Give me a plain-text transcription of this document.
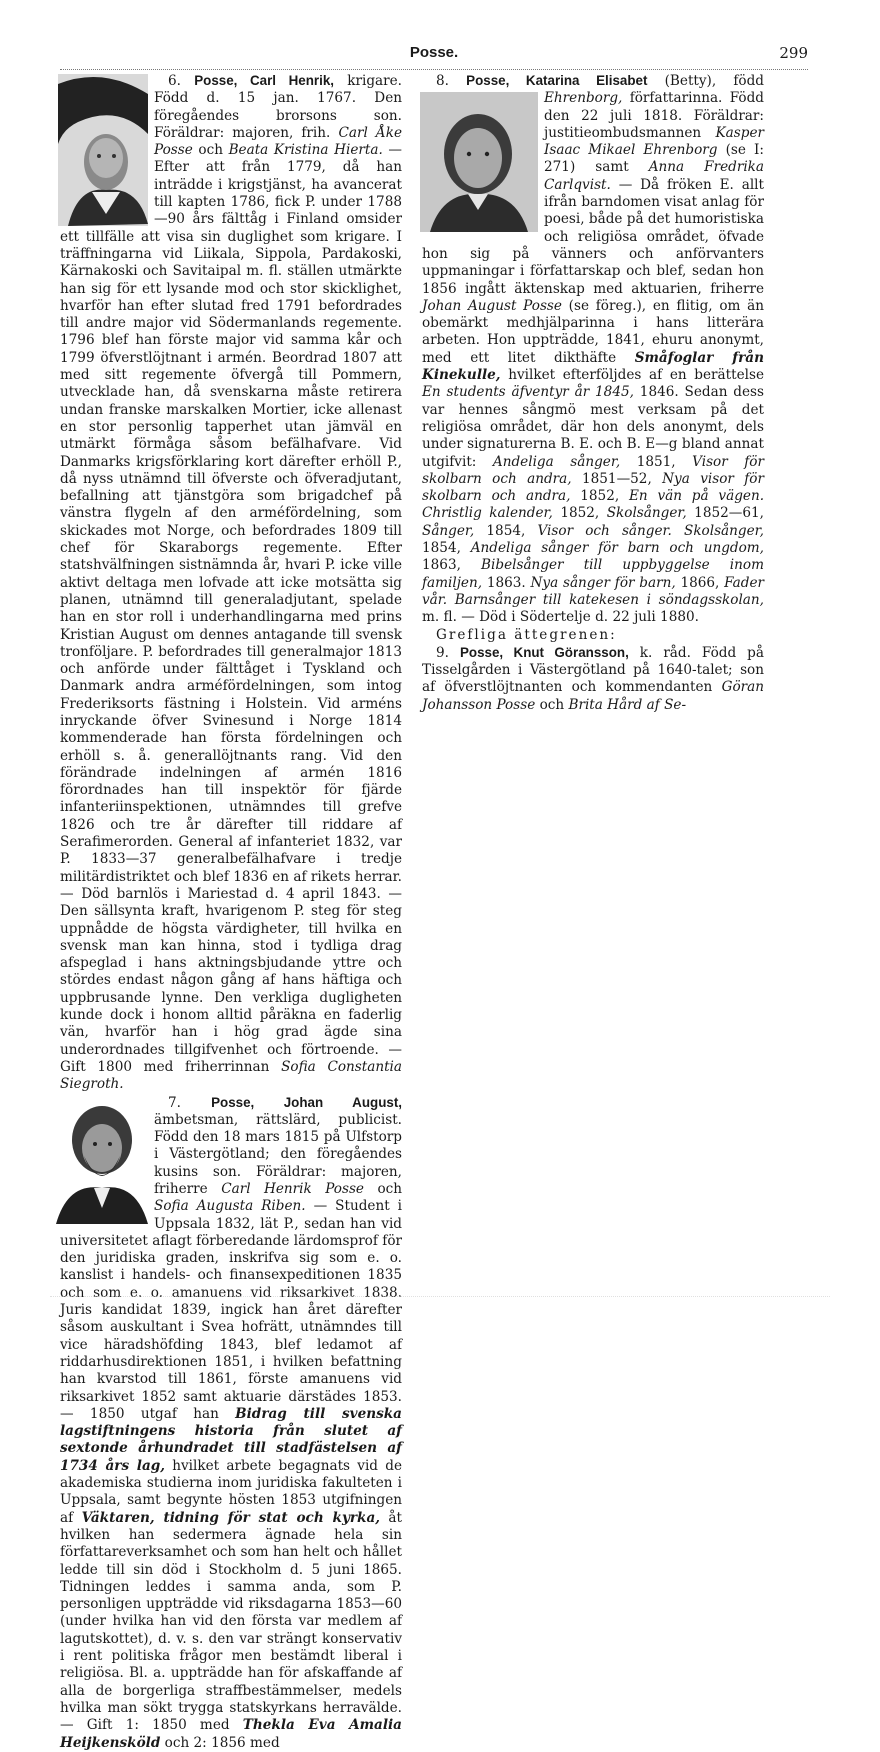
Posse.	299

6. Posse, Carl Henrik, krigare. Född d. 15 jan. 1767. Den föregåendes brorsons son. Föräldrar: majoren, frih. Carl Åke Posse och Beata Kristina Hierta. — Efter att från 1779, då han inträdde i krigstjänst, ha avancerat till kapten 1786, fick P. under 1788—90 års fälttåg i Finland omsider ett tillfälle att visa sin duglighet som krigare. I träffningarna vid Liikala, Sippola, Pardakoski, Kärnakoski och Savitaipal m. fl. ställen utmärkte han sig för ett lysande mod och stor skicklighet, hvarför han efter slutad fred 1791 befordrades till andre major vid Södermanlands regemente. 1796 blef han förste major vid samma kår och 1799 öfverstlöjtnant i armén. Beordrad 1807 att med sitt regemente öfvergå till Pommern, utvecklade han, då svenskarna måste retirera undan franske marskalken Mortier, icke allenast en stor personlig tapperhet utan jämväl en utmärkt förmåga såsom befälhafvare. Vid Danmarks krigsförklaring kort därefter erhöll P., då nyss utnämnd till öfverste och öfveradjutant, befallning att tjänstgöra som brigadchef på vänstra flygeln af den arméfördelning, som skickades mot Norge, och befordrades 1809 till chef för Skaraborgs regemente. Efter statshvälfningen sistnämnda år, hvari P. icke ville aktivt deltaga men lofvade att icke motsätta sig planen, utnämnd till generaladjutant, spelade han en stor roll i underhandlingarna med prins Kristian August om dennes antagande till svensk tronföljare. P. befordrades till generalmajor 1813 och anförde under fälttåget i Tyskland och Danmark andra arméfördelningen, som intog Frederiksorts fästning i Holstein. Vid arméns inryckande öfver Svinesund i Norge 1814 kommenderade han första fördelningen och erhöll s. å. generallöjtnants rang. Vid den förändrade indelningen af armén 1816 förordnades han till inspektör för fjärde infanteriinspektionen, utnämndes till grefve 1826 och tre år därefter till riddare af Serafimerorden. General af infanteriet 1832, var P. 1833—37 generalbefälhafvare i tredje militärdistriktet och blef 1836 en af rikets herrar. — Död barnlös i Mariestad d. 4 april 1843. — Den sällsynta kraft, hvarigenom P. steg för steg uppnådde de högsta värdigheter, till hvilka en svensk man kan hinna, stod i tydliga drag afspeglad i hans aktningsbjudande yttre och stördes endast någon gång af hans häftiga och uppbrusande lynne. Den verkliga dugligheten kunde dock i honom alltid påräkna en faderlig vän, hvarför han i hög grad ägde sina underordnades tillgifvenhet och förtroende. — Gift 1800 med friherrinnan Sofia Constantia Siegroth.

7. Posse, Johan August,
ämbetsman, rättslärd, publicist. Född den 18 mars 1815 på Ulfstorp i Västergötland; den föregåendes kusins son. Föräldrar: majoren, friherre Carl Henrik Posse och Sofia Augusta Riben. — Student i Uppsala 1832, lät P., sedan han vid universitetet aflagt förberedande lärdomsprof för den juridiska graden, inskrifva sig som e. o. kanslist i handels- och finansexpeditionen 1835 och som e. o. amanuens vid riksarkivet 1838. Juris kandidat 1839, ingick han året därefter såsom auskultant i Svea hofrätt, utnämndes till vice häradshöfding 1843, blef ledamot af riddarhusdirektionen 1851, i hvilken befattning han kvarstod till 1861, förste amanuens vid riksarkivet 1852 samt aktuarie därstädes 1853. — 1850 utgaf han Bidrag till svenska lagstiftningens historia från slutet af sextonde århundradet till stadfästelsen af 1734 års lag, hvilket arbete begagnats vid de akademiska studierna inom juridiska fakulteten i Uppsala, samt begynte hösten 1853 utgifningen af Väktaren, tidning för stat och kyrka, åt hvilken han sedermera ägnade hela sin författareverksamhet och som han helt och hållet ledde till sin död i Stockholm d. 5 juni 1865. Tidningen leddes i samma anda, som P. personligen uppträdde vid riksdagarna 1853—60 (under hvilka han vid den första var medlem af lagutskottet), d. v. s. den var strängt konservativ i rent politiska frågor men bestämdt liberal i religiösa. Bl. a. uppträdde han för afskaffande af alla de borgerliga straffbestämmelser, medels hvilka man sökt trygga statskyrkans herravälde. — Gift 1: 1850 med Thekla Eva Amalia Heijkensköld och 2: 1856 med

8. Posse, Katarina Elisabet (Betty), född
Ehrenborg, författarinna. Född den 22 juli 1818. Föräldrar: justitieombudsmannen Kasper Isaac Mikael Ehrenborg (se I: 271) samt Anna Fredrika Carlqvist. — Då fröken E. allt ifrån barndomen visat anlag för poesi, både på det humoristiska och religiösa området, öfvade hon sig på vänners och anförvanters uppmaningar i författarskap och blef, sedan hon 1856 ingått äktenskap med aktuarien, friherre Johan August Posse (se föreg.), en flitig, om än obemärkt medhjälparinna i hans litterära arbeten. Hon uppträdde, 1841, ehuru anonymt, med ett litet dikthäfte Småfoglar från Kinekulle, hvilket efterföljdes af en berättelse En students äfventyr år 1845, 1846. Sedan dess var hennes sångmö mest verksam på det religiösa området, där hon dels anonymt, dels under signaturerna B. E. och B. E—g bland annat utgifvit: Andeliga sånger, 1851, Visor för skolbarn och andra, 1851—52, Nya visor för skolbarn och andra, 1852, En vän på vägen. Christlig kalender, 1852, Skolsånger, 1852—61, Sånger, 1854, Visor och sånger. Skolsånger, 1854, Andeliga sånger för barn och ungdom, 1863, Bibelsånger till uppbyggelse inom familjen, 1863. Nya sånger för barn, 1866, Fader vår. Barnsånger till katekesen i söndagsskolan, m. fl. — Död i Södertelje d. 22 juli 1880.

Grefliga ättegrenen:

9. Posse, Knut Göransson, k. råd. Född på Tisselgården i Västergötland på 1640-talet; son af öfverstlöjtnanten och kommendanten Göran Johansson Posse och Brita Hård af Se-
